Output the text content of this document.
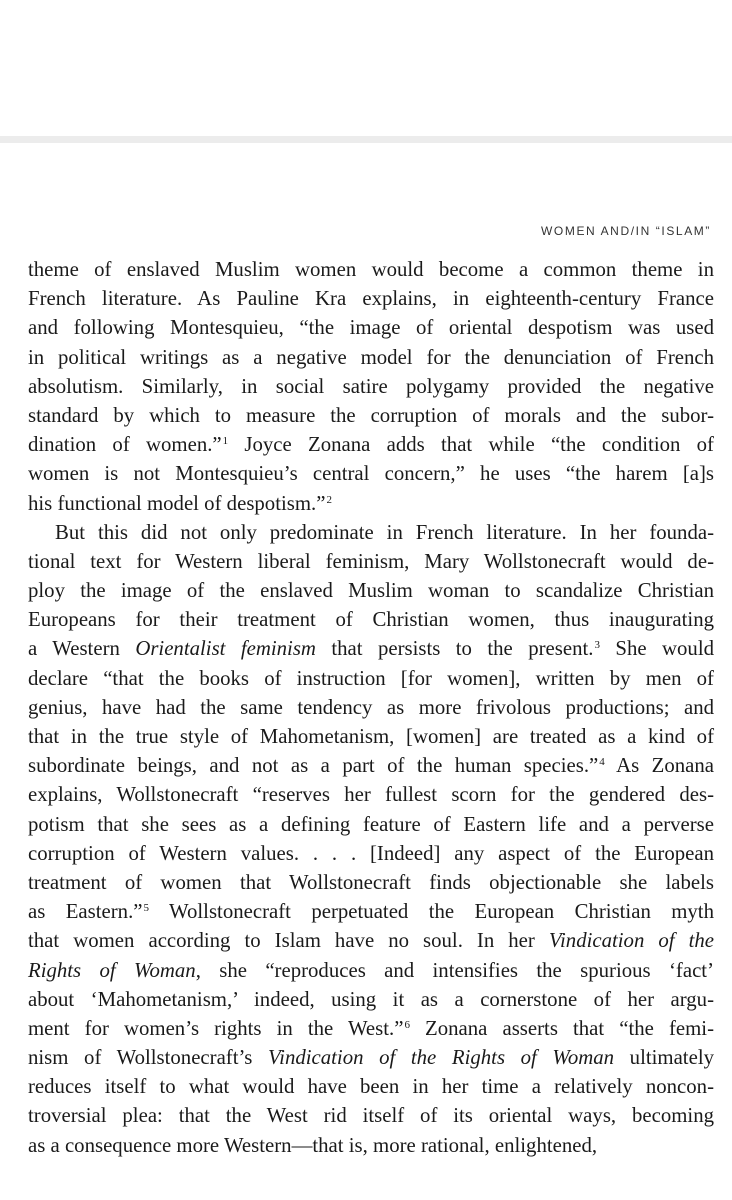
WOMEN AND/IN “ISLAM”
theme of enslaved Muslim women would become a common theme in
French literature. As Pauline Kra explains, in eighteenth-century France
and following Montesquieu, “the image of oriental despotism was used
in political writings as a negative model for the denunciation of French
absolutism. Similarly, in social satire polygamy provided the negative
standard by which to measure the corruption of morals and the subor-
dination of women.”$^1$ Joyce Zonana adds that while “the condition of
women is not Montesquieu’s central concern,” he uses “the harem [a]s
his functional model of despotism.”$^2$
But this did not only predominate in French literature. In her founda-
tional text for Western liberal feminism, Mary Wollstonecraft would de-
ploy the image of the enslaved Muslim woman to scandalize Christian
Europeans for their treatment of Christian women, thus inaugurating
a Western Orientalist feminism that persists to the present.$^3$ She would
declare “that the books of instruction [for women], written by men of
genius, have had the same tendency as more frivolous productions; and
that in the true style of Mahometanism, [women] are treated as a kind of
subordinate beings, and not as a part of the human species.”$^4$ As Zonana
explains, Wollstonecraft “reserves her fullest scorn for the gendered des-
potism that she sees as a defining feature of Eastern life and a perverse
corruption of Western values. . . . [Indeed] any aspect of the European
treatment of women that Wollstonecraft finds objectionable she labels
as Eastern.”$^5$ Wollstonecraft perpetuated the European Christian myth
that women according to Islam have no soul. In her Vindication of the
Rights of Woman, she “reproduces and intensifies the spurious ‘fact’
about ‘Mahometanism,’ indeed, using it as a cornerstone of her argu-
ment for women’s rights in the West.”$^6$ Zonana asserts that “the femi-
nism of Wollstonecraft’s Vindication of the Rights of Woman ultimately
reduces itself to what would have been in her time a relatively noncon-
troversial plea: that the West rid itself of its oriental ways, becoming
as a consequence more Western—that is, more rational, enlightened,
